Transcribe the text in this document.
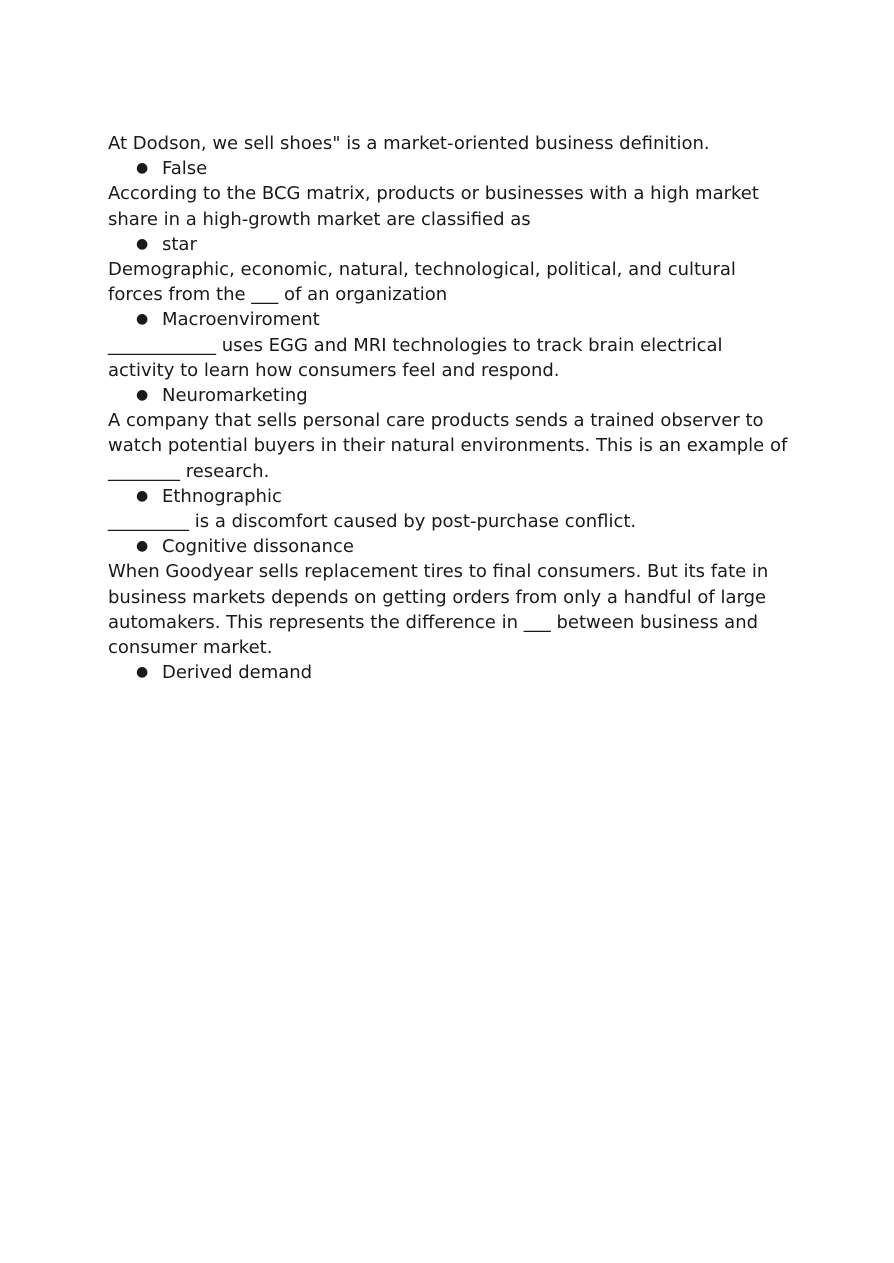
At Dodson, we sell shoes" is a market-oriented business definition.
● False
According to the BCG matrix, products or businesses with a high market share in a high-growth market are classified as
● star
Demographic, economic, natural, technological, political, and cultural forces from the ___ of an organization
● Macroenviroment
____________ uses EGG and MRI technologies to track brain electrical activity to learn how consumers feel and respond.
● Neuromarketing
A company that sells personal care products sends a trained observer to watch potential buyers in their natural environments. This is an example of ________ research.
● Ethnographic
_________ is a discomfort caused by post-purchase conflict.
● Cognitive dissonance
When Goodyear sells replacement tires to final consumers. But its fate in business markets depends on getting orders from only a handful of large automakers. This represents the difference in ___ between business and consumer market.
● Derived demand
